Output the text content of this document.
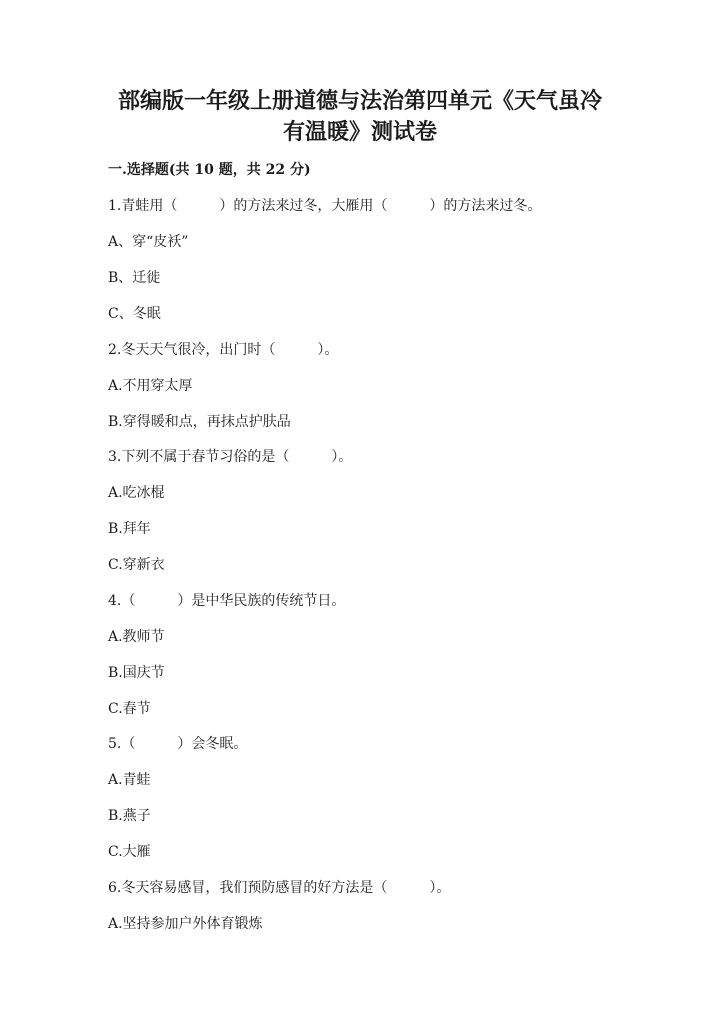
部编版一年级上册道德与法治第四单元《天气虽冷
有温暖》测试卷
一.选择题(共 10 题，共 22 分)
1.青蛙用（　　　）的方法来过冬，大雁用（　　　）的方法来过冬。
A、穿“皮袄”
B、迁徙
C、冬眠
2.冬天天气很冷，出门时（　　　）。
A.不用穿太厚
B.穿得暖和点，再抹点护肤品
3.下列不属于春节习俗的是（　　　）。
A.吃冰棍
B.拜年
C.穿新衣
4.（　　　）是中华民族的传统节日。
A.教师节
B.国庆节
C.春节
5.（　　　）会冬眠。
A.青蛙
B.燕子
C.大雁
6.冬天容易感冒，我们预防感冒的好方法是（　　　）。
A.坚持参加户外体育锻炼
